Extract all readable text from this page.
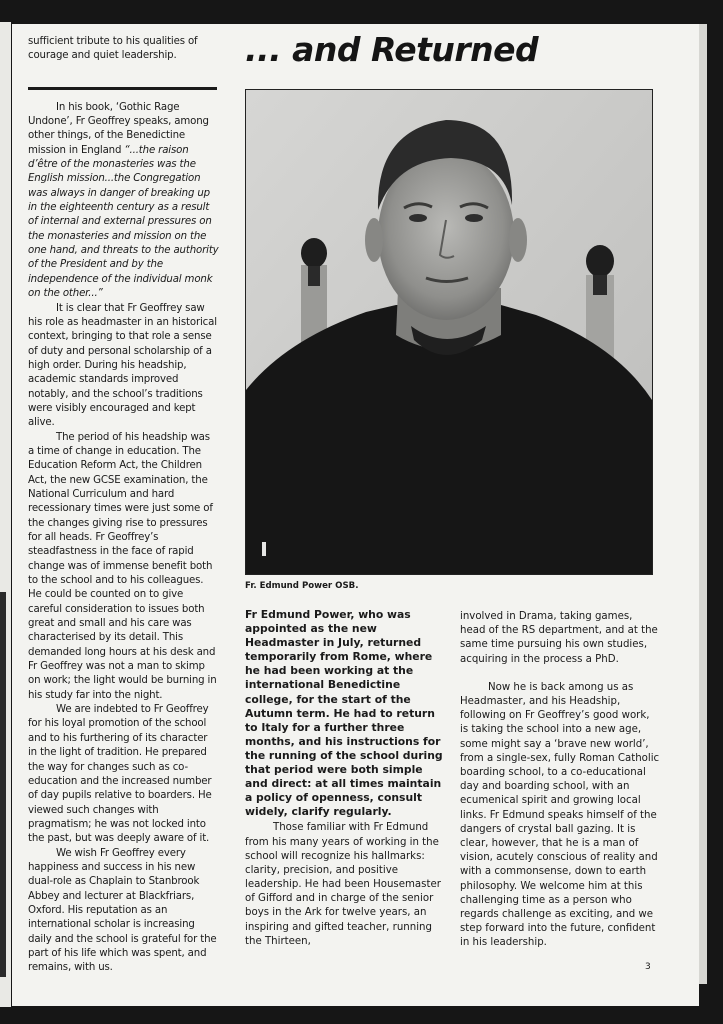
sufficient tribute to his qualities of courage and quiet leadership.

In his book, ‘Gothic Rage Undone’, Fr Geoffrey speaks, among other things, of the Benedictine mission in England “...the raison d’être of the monasteries was the English mission...the Congregation was always in danger of breaking up in the eighteenth century as a result of internal and external pressures on the monasteries and mission on the one hand, and threats to the authority of the President and by the independence of the individual monk on the other...”

It is clear that Fr Geoffrey saw his role as headmaster in an historical context, bringing to that role a sense of duty and personal scholarship of a high order. During his headship, academic standards improved notably, and the school’s traditions were visibly encouraged and kept alive.

The period of his headship was a time of change in education. The Education Reform Act, the Children Act, the new GCSE examination, the National Curriculum and hard recessionary times were just some of the changes giving rise to pressures for all heads. Fr Geoffrey’s steadfastness in the face of rapid change was of immense benefit both to the school and to his colleagues. He could be counted on to give careful consideration to issues both great and small and his care was characterised by its detail. This demanded long hours at his desk and Fr Geoffrey was not a man to skimp on work; the light would be burning in his study far into the night.

We are indebted to Fr Geoffrey for his loyal promotion of the school and to his furthering of its character in the light of tradition. He prepared the way for changes such as co-education and the increased number of day pupils relative to boarders. He viewed such changes with pragmatism; he was not locked into the past, but was deeply aware of it.

We wish Fr Geoffrey every happiness and success in his new dual-role as Chaplain to Stanbrook Abbey and lecturer at Blackfriars, Oxford. His reputation as an international scholar is increasing daily and the school is grateful for the part of his life which was spent, and remains, with us.

... and Returned
Fr. Edmund Power OSB.

Fr Edmund Power, who was appointed as the new Headmaster in July, returned temporarily from Rome, where he had been working at the international Benedictine college, for the start of the Autumn term. He had to return to Italy for a further three months, and his instructions for the running of the school during that period were both simple and direct: at all times maintain a policy of openness, consult widely, clarify regularly.

Those familiar with Fr Edmund from his many years of working in the school will recognize his hallmarks: clarity, precision, and positive leadership. He had been Housemaster of Gifford and in charge of the senior boys in the Ark for twelve years, an inspiring and gifted teacher, running the Thirteen,

involved in Drama, taking games, head of the RS department, and at the same time pursuing his own studies, acquiring in the process a PhD.

Now he is back among us as Headmaster, and his Headship, following on Fr Geoffrey’s good work, is taking the school into a new age, some might say a ‘brave new world’, from a single-sex, fully Roman Catholic boarding school, to a co-educational day and boarding school, with an ecumenical spirit and growing local links. Fr Edmund speaks himself of the dangers of crystal ball gazing. It is clear, however, that he is a man of vision, acutely conscious of reality and with a commonsense, down to earth philosophy. We welcome him at this challenging time as a person who regards challenge as exciting, and we step forward into the future, confident in his leadership.

3
